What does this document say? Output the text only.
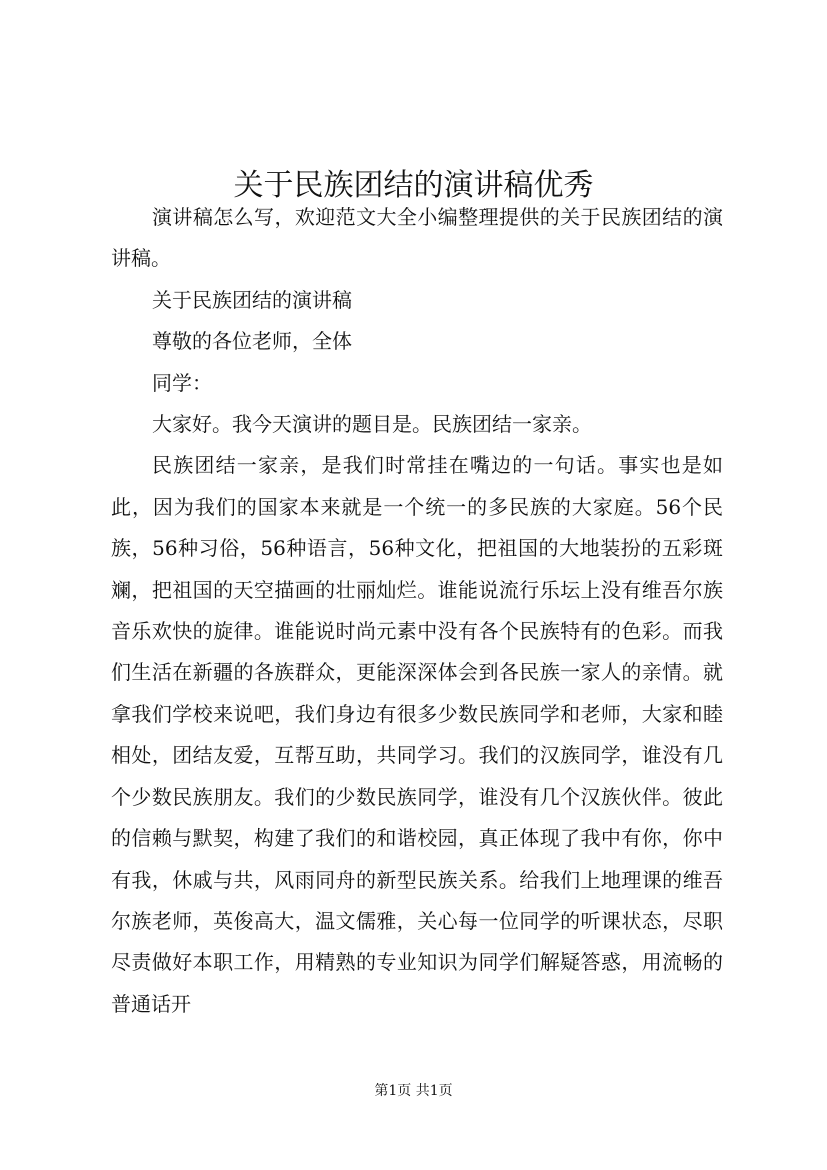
关于民族团结的演讲稿优秀

演讲稿怎么写，欢迎范文大全小编整理提供的关于民族团结的演讲稿。

关于民族团结的演讲稿

尊敬的各位老师，全体

同学：

大家好。我今天演讲的题目是。民族团结一家亲。

民族团结一家亲，是我们时常挂在嘴边的一句话。事实也是如此，因为我们的国家本来就是一个统一的多民族的大家庭。56个民族，56种习俗，56种语言，56种文化，把祖国的大地装扮的五彩斑斓，把祖国的天空描画的壮丽灿烂。谁能说流行乐坛上没有维吾尔族音乐欢快的旋律。谁能说时尚元素中没有各个民族特有的色彩。而我们生活在新疆的各族群众，更能深深体会到各民族一家人的亲情。就拿我们学校来说吧，我们身边有很多少数民族同学和老师，大家和睦相处，团结友爱，互帮互助，共同学习。我们的汉族同学，谁没有几个少数民族朋友。我们的少数民族同学，谁没有几个汉族伙伴。彼此的信赖与默契，构建了我们的和谐校园，真正体现了我中有你，你中有我，休戚与共，风雨同舟的新型民族关系。给我们上地理课的维吾尔族老师，英俊高大，温文儒雅，关心每一位同学的听课状态，尽职尽责做好本职工作，用精熟的专业知识为同学们解疑答惑，用流畅的普通话开

第1页 共1页
